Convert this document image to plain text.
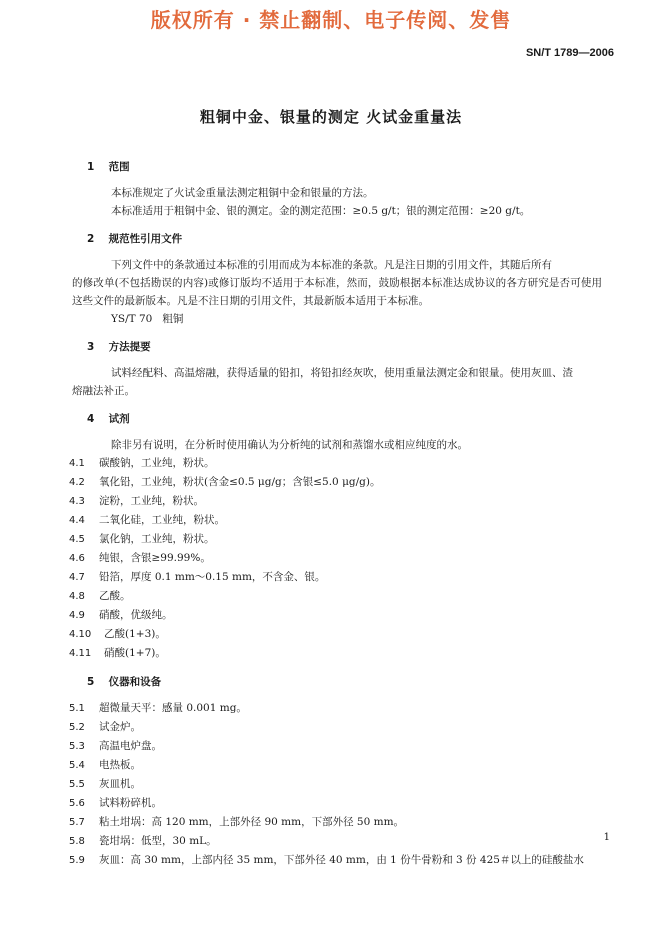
版权所有 · 禁止翻制、电子传阅、发售
SN/T 1789—2006
粗铜中金、银量的测定 火试金重量法
1 范围
本标准规定了火试金重量法测定粗铜中金和银量的方法。
本标准适用于粗铜中金、银的测定。金的测定范围：≥0.5 g/t；银的测定范围：≥20 g/t。
2 规范性引用文件
下列文件中的条款通过本标准的引用而成为本标准的条款。凡是注日期的引用文件，其随后所有
的修改单(不包括勘误的内容)或修订版均不适用于本标准，然而，鼓励根据本标准达成协议的各方研究是否可使用这些文件的最新版本。凡是不注日期的引用文件，其最新版本适用于本标准。
YS/T 70   粗铜
3 方法提要
试料经配料、高温熔融，获得适量的铅扣，将铅扣经灰吹，使用重量法测定金和银量。使用灰皿、渣
熔融法补正。
4 试剂
除非另有说明，在分析时使用确认为分析纯的试剂和蒸馏水或相应纯度的水。
4.1 碳酸钠，工业纯，粉状。
4.2 氧化铅，工业纯，粉状(含金≤0.5 μg/g；含银≤5.0 μg/g)。
4.3 淀粉，工业纯，粉状。
4.4 二氧化硅，工业纯，粉状。
4.5 氯化钠，工业纯，粉状。
4.6 纯银，含银≥99.99%。
4.7 铅箔，厚度 0.1 mm～0.15 mm，不含金、银。
4.8 乙酸。
4.9 硝酸，优级纯。
4.10 乙酸(1+3)。
4.11 硝酸(1+7)。
5 仪器和设备
5.1 超微量天平：感量 0.001 mg。
5.2 试金炉。
5.3 高温电炉盘。
5.4 电热板。
5.5 灰皿机。
5.6 试料粉碎机。
5.7 粘土坩埚：高 120 mm，上部外径 90 mm，下部外径 50 mm。
5.8 瓷坩埚：低型，30 mL。
5.9 灰皿：高 30 mm，上部内径 35 mm，下部外径 40 mm，由 1 份牛骨粉和 3 份 425＃以上的硅酸盐水
1
